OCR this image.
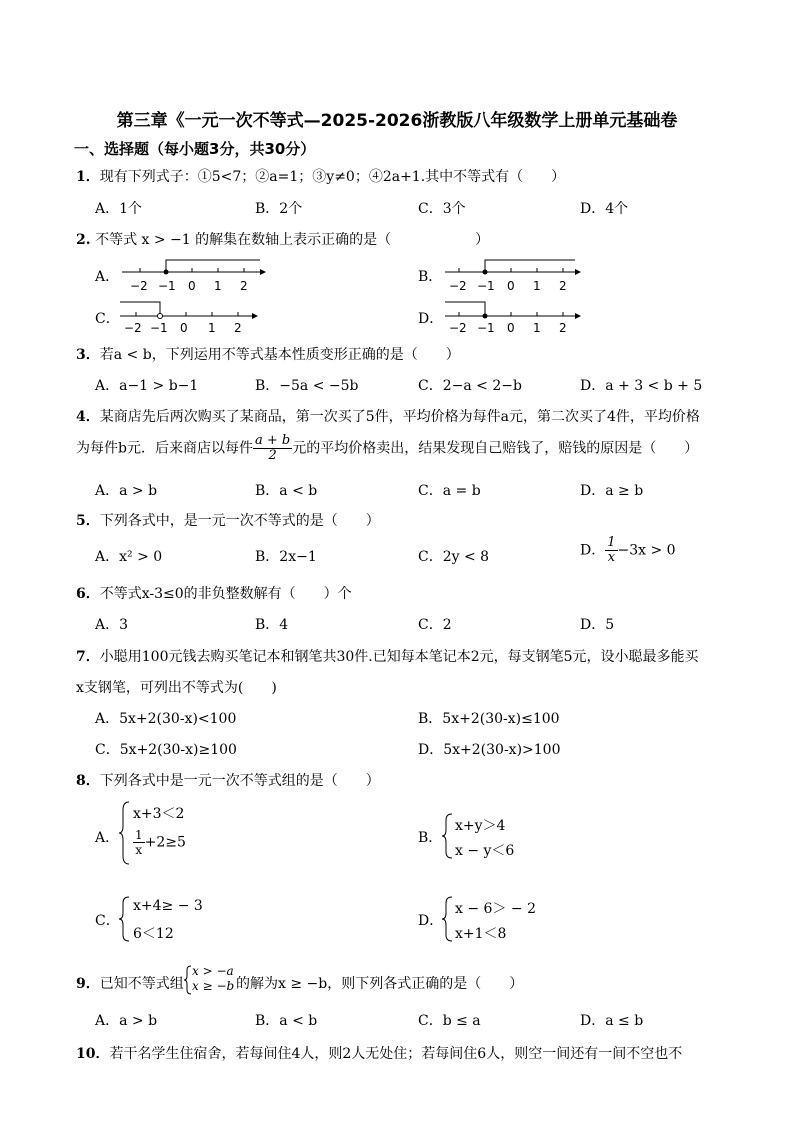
第三章《一元一次不等式—2025-2026浙教版八年级数学上册单元基础卷
一、选择题（每小题3分，共30分）
1．现有下列式子：①5<7；②a=1；③y≠0；④2a+1.其中不等式有（　　）
A．1个	B．2个	C．3个	D．4个
2. 不等式 x > −1 的解集在数轴上表示正确的是（　　　　　　）
A．
−2 −1 0 1 2
B．
−2 −1 0 1 2
C．
−2 −1 0 1 2
D．
−2 −1 0 1 2
3．若a < b，下列运用不等式基本性质变形正确的是（　　）
A．a−1 > b−1	B．−5a < −5b	C．2−a < 2−b	D．a + 3 < b + 5
4．某商店先后两次购买了某商品，第一次买了5件，平均价格为每件a元，第二次买了4件，平均价格
为每件b元．后来商店以每件 $\frac{a + b}{2}$ 元的平均价格卖出，结果发现自己赔钱了，赔钱的原因是（　　）
A．a > b	B．a < b	C．a = b	D．a ≥ b
5．下列各式中，是一元一次不等式的是（　　）
A．x² > 0	B．2x−1	C．2y < 8	D． $\frac{1}{x} -3x > 0$
6．不等式x-3≤0的非负整数解有（　　）个
A．3	B．4	C．2	D．5
7．小聪用100元钱去购买笔记本和钢笔共30件.已知每本笔记本2元，每支钢笔5元，设小聪最多能买
x支钢笔，可列出不等式为(　　)
A．5x+2(30-x)<100	B．5x+2(30-x)≤100
C．5x+2(30-x)≥100	D．5x+2(30-x)>100
8．下列各式中是一元一次不等式组的是（　　）
A．
x+3＜2
$\frac{1}{x} +2\ge 5$	B．
x+y＞4
x − y＜6
C．
x+4≥ − 3
6＜12
D．
x − 6＞ − 2
x+1＜8
9．已知不等式组
x > −a
x ≥ −b 的解为x ≥ −b，则下列各式正确的是（　　）
A．a > b	B．a < b	C．b ≤ a	D．a ≤ b
10．若干名学生住宿舍，若每间住4人，则2人无处住；若每间住6人，则空一间还有一间不空也不
